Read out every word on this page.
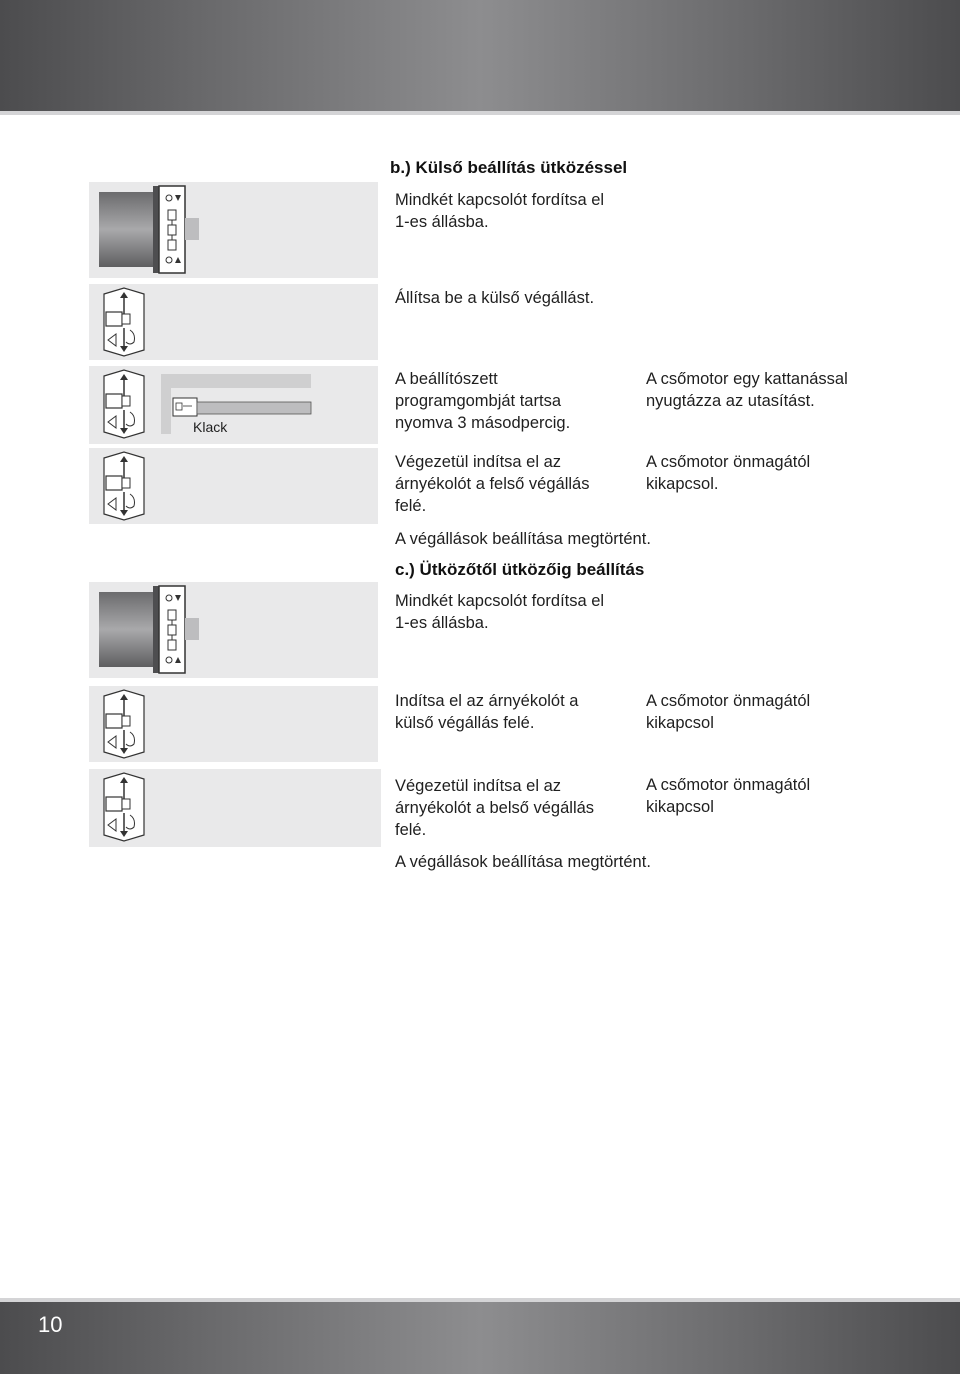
b.) Külső beállítás ütközéssel
Mindkét kapcsolót fordítsa el
1-es állásba.
Állítsa be a külső végállást.
Klack
A beállítószett
programgombját tartsa
nyomva 3 másodpercig.
A csőmotor egy kattanással
nyugtázza az utasítást.
Végezetül indítsa el az
árnyékolót a felső végállás
felé.
A csőmotor önmagától
kikapcsol.
A végállások beállítása megtörtént.
c.) Ütközőtől ütközőig beállítás
Mindkét kapcsolót fordítsa el
1-es állásba.
Indítsa el az árnyékolót a
külső végállás felé.
A csőmotor önmagától
kikapcsol
Végezetül indítsa el az
árnyékolót a belső végállás
felé.
A csőmotor önmagától
kikapcsol
A végállások beállítása megtörtént.
10
